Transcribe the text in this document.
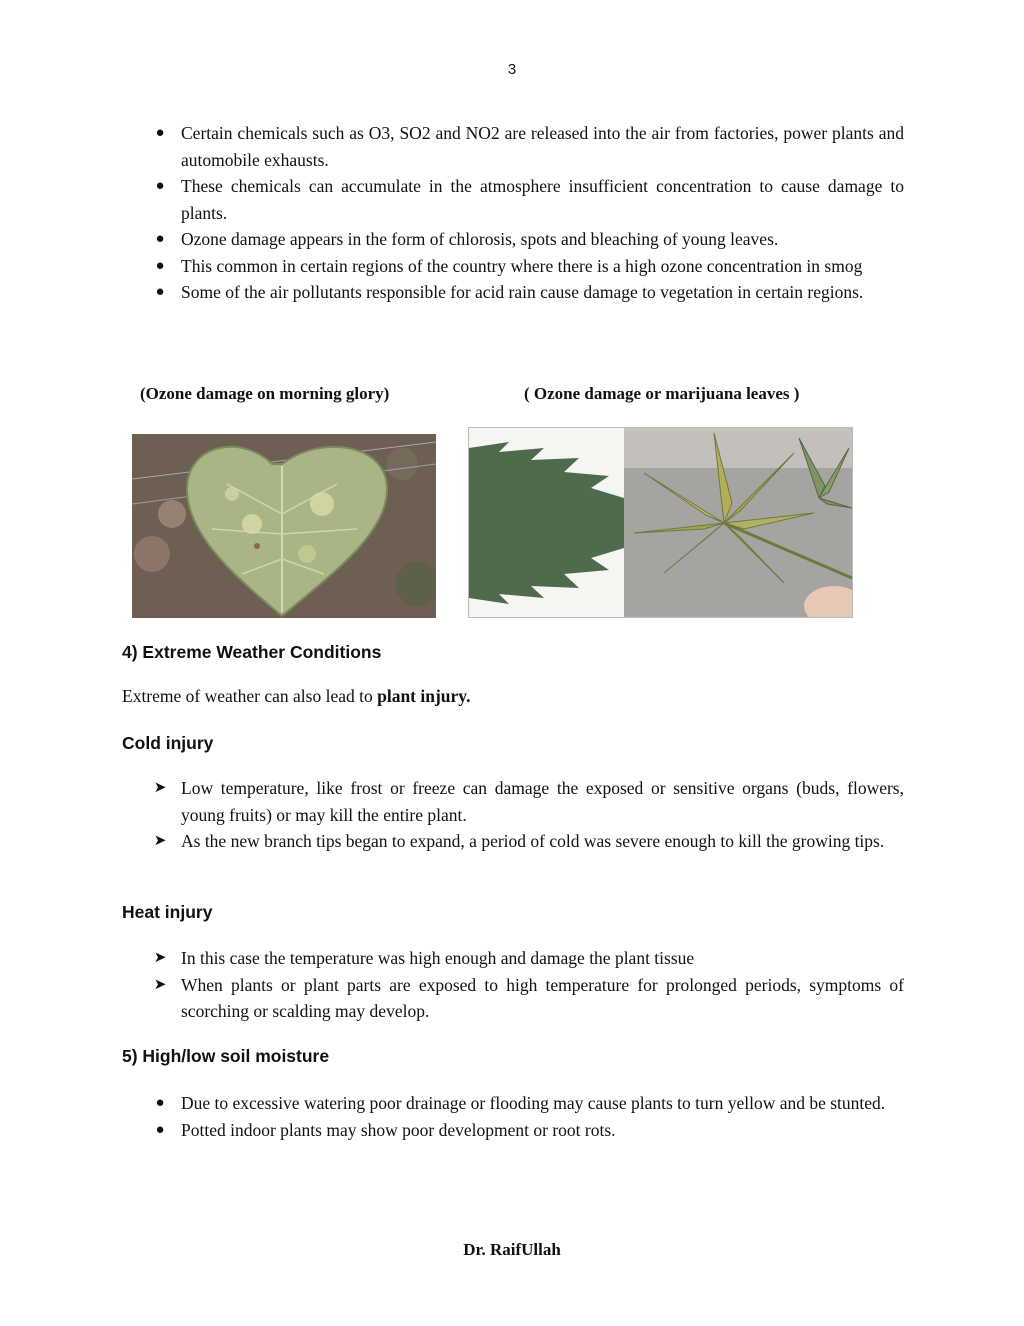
3
● Certain chemicals such as O3, SO2 and NO2 are released into the air from factories, power plants and automobile exhausts.
● These chemicals can accumulate in the atmosphere insufficient concentration to cause damage to plants.
● Ozone damage appears in the form of chlorosis, spots and bleaching of young leaves.
● This common in certain regions of the country where there is a high ozone concentration in smog
● Some of the air pollutants responsible for acid rain cause damage to vegetation in certain regions.
(Ozone damage on morning glory)	( Ozone damage or marijuana leaves )
4) Extreme Weather Conditions
Extreme of weather can also lead to plant injury.
Cold injury
➤ Low temperature, like frost or freeze can damage the exposed or sensitive organs (buds, flowers, young fruits) or may kill the entire plant.
➤ As the new branch tips began to expand, a period of cold was severe enough to kill the growing tips.
Heat injury
➤ In this case the temperature was high enough and damage the plant tissue
➤ When plants or plant parts are exposed to high temperature for prolonged periods, symptoms of scorching or scalding may develop.
5) High/low soil moisture
● Due to excessive watering poor drainage or flooding may cause plants to turn yellow and be stunted.
● Potted indoor plants may show poor development or root rots.
Dr. RaifUllah
